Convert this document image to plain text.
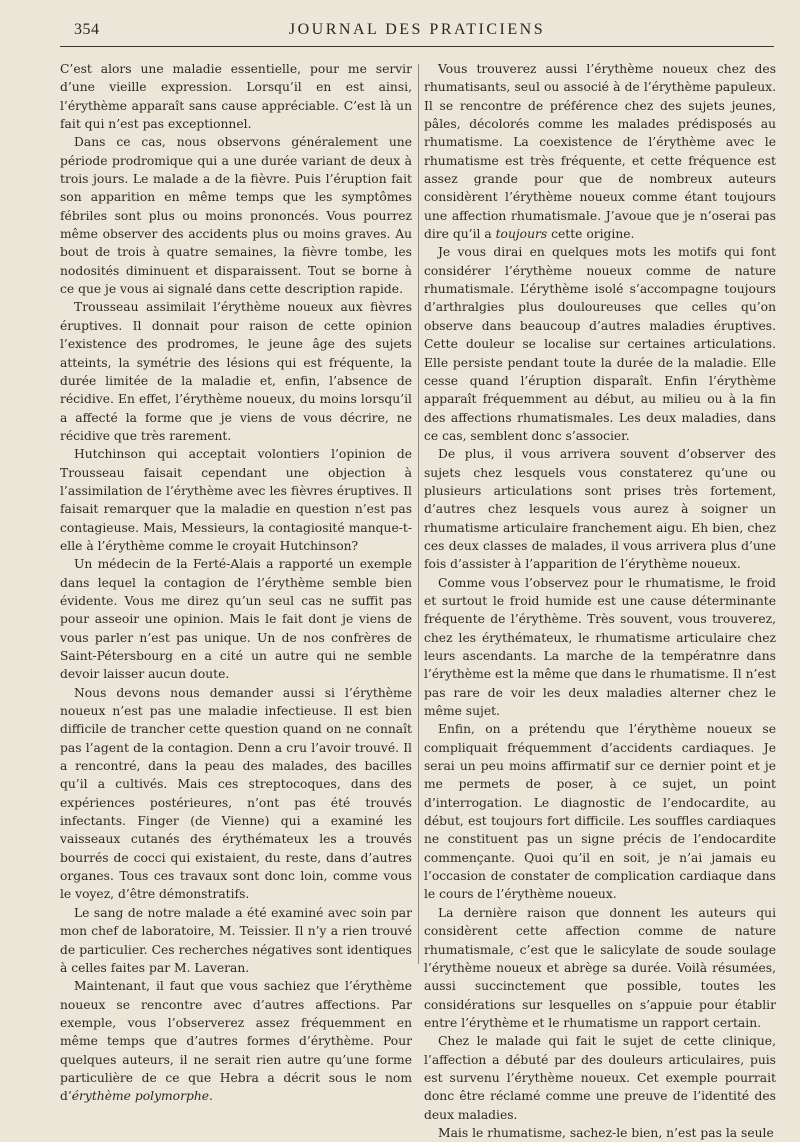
354	JOURNAL DES PRATICIENS

C’est alors une maladie essentielle, pour me servir d’une vieille expression. Lorsqu’il en est ainsi, l’érythème apparaît sans cause appréciable. C’est là un fait qui n’est pas exceptionnel.

Dans ce cas, nous observons généralement une période prodromique qui a une durée variant de deux à trois jours. Le malade a de la fièvre. Puis l’éruption fait son apparition en même temps que les symptômes fébriles sont plus ou moins prononcés. Vous pourrez même observer des accidents plus ou moins graves. Au bout de trois à quatre semaines, la fièvre tombe, les nodosités diminuent et disparaissent. Tout se borne à ce que je vous ai signalé dans cette description rapide.

Trousseau assimilait l’érythème noueux aux fièvres éruptives. Il donnait pour raison de cette opinion l’existence des prodromes, le jeune âge des sujets atteints, la symétrie des lésions qui est fréquente, la durée limitée de la maladie et, enfin, l’absence de récidive. En effet, l’érythème noueux, du moins lorsqu’il a affecté la forme que je viens de vous décrire, ne récidive que très rarement.

Hutchinson qui acceptait volontiers l’opinion de Trousseau faisait cependant une objection à l’assimilation de l’érythème avec les fièvres éruptives. Il faisait remarquer que la maladie en question n’est pas contagieuse. Mais, Messieurs, la contagiosité manque-t-elle à l’érythème comme le croyait Hutchinson?

Un médecin de la Ferté-Alais a rapporté un exemple dans lequel la contagion de l’érythème semble bien évidente. Vous me direz qu’un seul cas ne suffit pas pour asseoir une opinion. Mais le fait dont je viens de vous parler n’est pas unique. Un de nos confrères de Saint-Pétersbourg en a cité un autre qui ne semble devoir laisser aucun doute.

Nous devons nous demander aussi si l’érythème noueux n’est pas une maladie infectieuse. Il est bien difficile de trancher cette question quand on ne connaît pas l’agent de la contagion. Denn a cru l’avoir trouvé. Il a rencontré, dans la peau des malades, des bacilles qu’il a cultivés. Mais ces streptocoques, dans des expériences postérieures, n’ont pas été trouvés infectants. Finger (de Vienne) qui a examiné les vaisseaux cutanés des érythémateux les a trouvés bourrés de cocci qui existaient, du reste, dans d’autres organes. Tous ces travaux sont donc loin, comme vous le voyez, d’être démonstratifs.

Le sang de notre malade a été examiné avec soin par mon chef de laboratoire, M. Teissier. Il n’y a rien trouvé de particulier. Ces recherches négatives sont identiques à celles faites par M. Laveran.

Maintenant, il faut que vous sachiez que l’érythème noueux se rencontre avec d’autres affections. Par exemple, vous l’observerez assez fréquemment en même temps que d’autres formes d’érythème. Pour quelques auteurs, il ne serait rien autre qu’une forme particulière de ce que Hebra a décrit sous le nom d’érythème polymorphe.

Vous trouverez aussi l’érythème noueux chez des rhumatisants, seul ou associé à de l’érythème papuleux. Il se rencontre de préférence chez des sujets jeunes, pâles, décolorés comme les malades prédisposés au rhumatisme. La coexistence de l’érythème avec le rhumatisme est très fréquente, et cette fréquence est assez grande pour que de nombreux auteurs considèrent l’érythème noueux comme étant toujours une affection rhumatismale. J’avoue que je n’oserai pas dire qu’il a toujours cette origine.

Je vous dirai en quelques mots les motifs qui font considérer l’érythème noueux comme de nature rhumatismale. L’érythème isolé s’accompagne toujours d’arthralgies plus douloureuses que celles qu’on observe dans beaucoup d’autres maladies éruptives. Cette douleur se localise sur certaines articulations. Elle persiste pendant toute la durée de la maladie. Elle cesse quand l’éruption disparaît. Enfin l’érythème apparaît fréquemment au début, au milieu ou à la fin des affections rhumatismales. Les deux maladies, dans ce cas, semblent donc s’associer.

De plus, il vous arrivera souvent d’observer des sujets chez lesquels vous constaterez qu’une ou plusieurs articulations sont prises très fortement, d’autres chez lesquels vous aurez à soigner un rhumatisme articulaire franchement aigu. Eh bien, chez ces deux classes de malades, il vous arrivera plus d’une fois d’assister à l’apparition de l’érythème noueux.

Comme vous l’observez pour le rhumatisme, le froid et surtout le froid humide est une cause déterminante fréquente de l’érythème. Très souvent, vous trouverez, chez les érythémateux, le rhumatisme articulaire chez leurs ascendants. La marche de la températnre dans l’érythème est la même que dans le rhumatisme. Il n’est pas rare de voir les deux maladies alterner chez le même sujet.

Enfin, on a prétendu que l’érythème noueux se compliquait fréquemment d’accidents cardiaques. Je serai un peu moins affirmatif sur ce dernier point et je me permets de poser, à ce sujet, un point d’interrogation. Le diagnostic de l’endocardite, au début, est toujours fort difficile. Les souffles cardiaques ne constituent pas un signe précis de l’endocardite commençante. Quoi qu’il en soit, je n’ai jamais eu l’occasion de constater de complication cardiaque dans le cours de l’érythème noueux.

La dernière raison que donnent les auteurs qui considèrent cette affection comme de nature rhumatismale, c’est que le salicylate de soude soulage l’érythème noueux et abrège sa durée. Voilà résumées, aussi succinctement que possible, toutes les considérations sur lesquelles on s’appuie pour établir entre l’érythème et le rhumatisme un rapport certain.

Chez le malade qui fait le sujet de cette clinique, l’affection a débuté par des douleurs articulaires, puis est survenu l’érythème noueux. Cet exemple pourrait donc être réclamé comme une preuve de l’identité des deux maladies.

Mais le rhumatisme, sachez-le bien, n’est pas la seule
